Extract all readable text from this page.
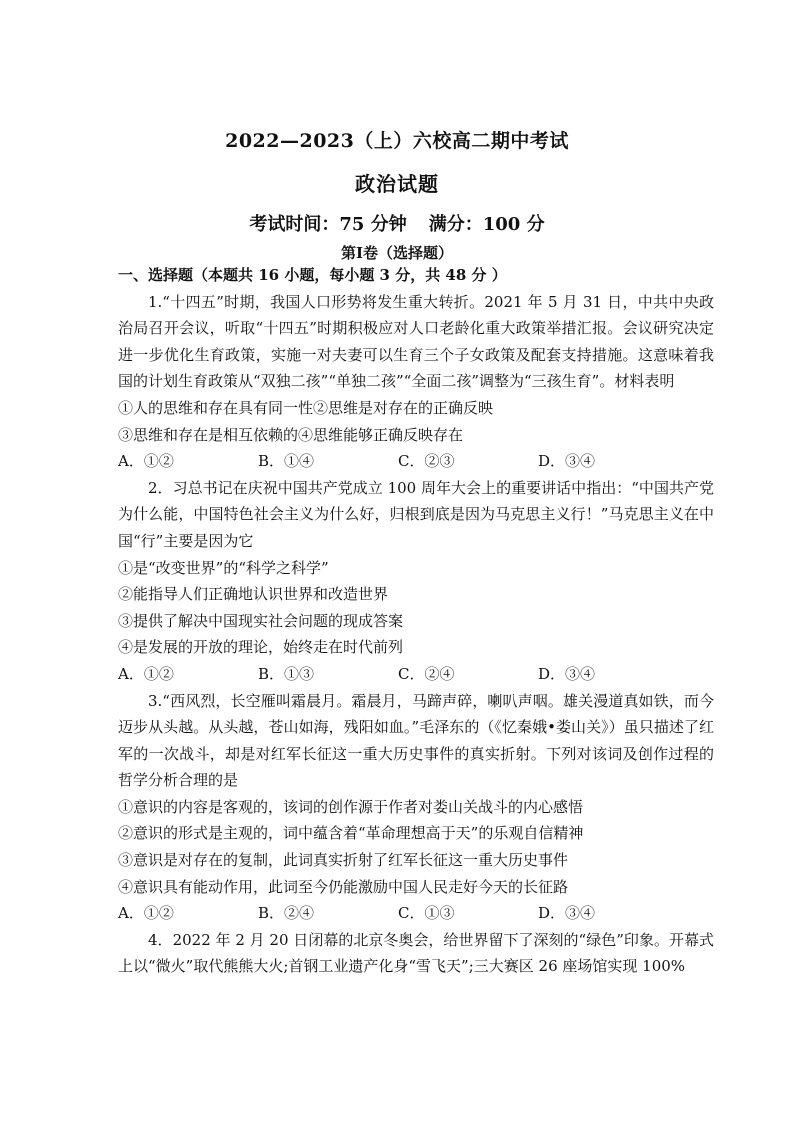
2022—2023（上）六校高二期中考试
政治试题
考试时间：75 分钟 满分：100 分
第Ⅰ卷（选择题）

一、选择题（本题共 16 小题，每小题 3 分，共 48 分 ）

1.“十四五”时期，我国人口形势将发生重大转折。2021 年 5 月 31 日，中共中央政治局召开会议，听取“十四五”时期积极应对人口老龄化重大政策举措汇报。会议研究决定进一步优化生育政策，实施一对夫妻可以生育三个子女政策及配套支持措施。这意味着我国的计划生育政策从“双独二孩”“单独二孩”“全面二孩”调整为“三孩生育”。材料表明

①人的思维和存在具有同一性②思维是对存在的正确反映

③思维和存在是相互依赖的④思维能够正确反映存在

A．①②	B．①④	C．②③	D．③④

2．习总书记在庆祝中国共产党成立 100 周年大会上的重要讲话中指出：“中国共产党为什么能，中国特色社会主义为什么好，归根到底是因为马克思主义行！”马克思主义在中国“行”主要是因为它

①是“改变世界”的“科学之科学”

②能指导人们正确地认识世界和改造世界

③提供了解决中国现实社会问题的现成答案

④是发展的开放的理论，始终走在时代前列

A．①②	B．①③	C．②④	D．③④

3.“西风烈，长空雁叫霜晨月。霜晨月，马蹄声碎，喇叭声咽。雄关漫道真如铁，而今迈步从头越。从头越，苍山如海，残阳如血。”毛泽东的（《忆秦娥•娄山关》）虽只描述了红军的一次战斗，却是对红军长征这一重大历史事件的真实折射。下列对该词及创作过程的哲学分析合理的是

①意识的内容是客观的，该词的创作源于作者对娄山关战斗的内心感悟

②意识的形式是主观的，词中蕴含着“革命理想高于天”的乐观自信精神

③意识是对存在的复制，此词真实折射了红军长征这一重大历史事件

④意识具有能动作用，此词至今仍能激励中国人民走好今天的长征路

A．①②	B．②④	C．①③	D．③④

4．2022 年 2 月 20 日闭幕的北京冬奥会，给世界留下了深刻的“绿色”印象。开幕式上以“微火”取代熊熊大火;首钢工业遗产化身“雪飞天”;三大赛区 26 座场馆实现 100%
